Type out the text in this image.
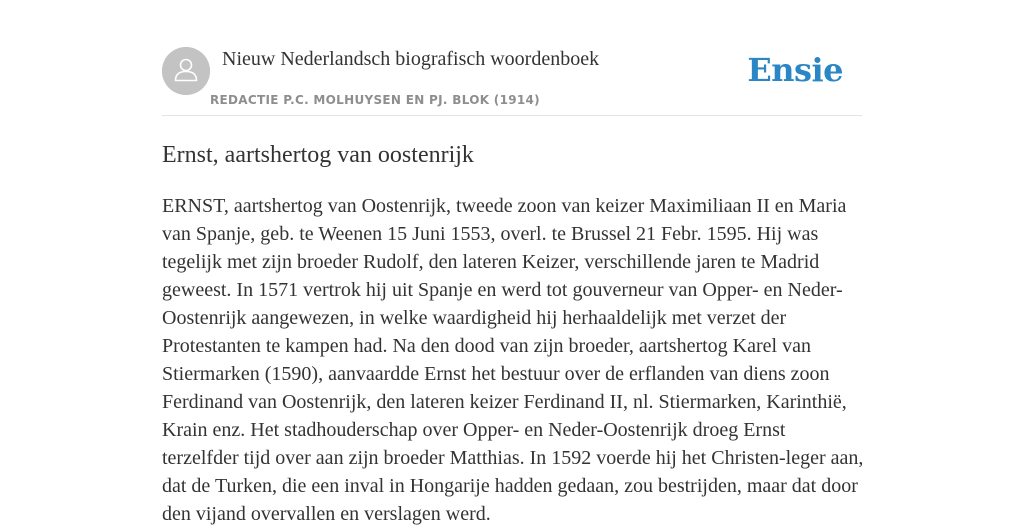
Nieuw Nederlandsch biografisch woordenboek
REDACTIE P.C. MOLHUYSEN EN PJ. BLOK (1914)
Ensie
Ernst, aartshertog van oostenrijk

ERNST, aartshertog van Oostenrijk, tweede zoon van keizer Maximiliaan II en Maria van Spanje, geb. te Weenen 15 Juni 1553, overl. te Brussel 21 Febr. 1595. Hij was tegelijk met zijn broeder Rudolf, den lateren Keizer, verschillende jaren te Madrid geweest. In 1571 vertrok hij uit Spanje en werd tot gouverneur van Opper- en Neder-Oostenrijk aangewezen, in welke waardigheid hij herhaaldelijk met verzet der Protestanten te kampen had. Na den dood van zijn broeder, aartshertog Karel van Stiermarken (1590), aanvaardde Ernst het bestuur over de erflanden van diens zoon Ferdinand van Oostenrijk, den lateren keizer Ferdinand II, nl. Stiermarken, Karinthië, Krain enz. Het stadhouderschap over Opper- en Neder-Oostenrijk droeg Ernst terzelfder tijd over aan zijn broeder Matthias. In 1592 voerde hij het Christen-leger aan, dat de Turken, die een inval in Hongarije hadden gedaan, zou bestrijden, maar dat door den vijand overvallen en verslagen werd.
